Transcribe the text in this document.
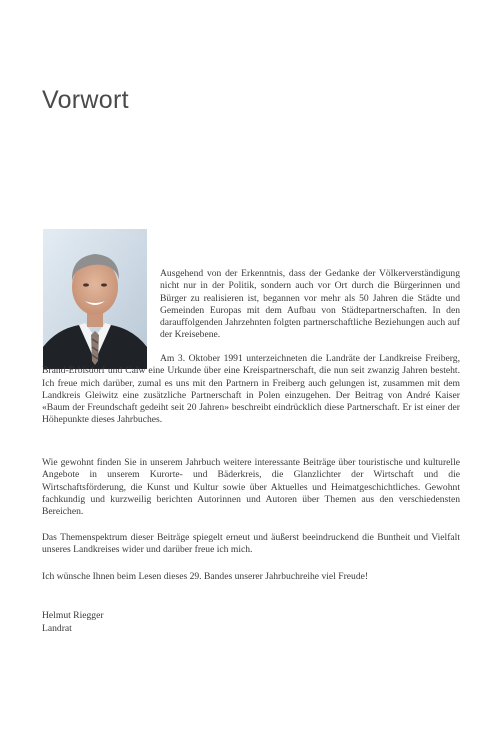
Vorwort

Ausgehend von der Erkenntnis, dass der Gedanke der Völkerverständigung nicht nur in der Politik, sondern auch vor Ort durch die Bürgerinnen und Bürger zu realisieren ist, begannen vor mehr als 50 Jahren die Städte und Gemeinden Europas mit dem Aufbau von Städtepartnerschaften. In den darauffolgenden Jahrzehnten folgten partnerschaftliche Beziehungen auch auf der Kreisebene.

Am 3. Oktober 1991 unterzeichneten die Landräte der Landkreise Freiberg, Brand-Erbisdorf und Calw eine Urkunde über eine Kreispartnerschaft, die nun seit zwanzig Jahren besteht. Ich freue mich darüber, zumal es uns mit den Partnern in Freiberg auch gelungen ist, zusammen mit dem Landkreis Gleiwitz eine zusätzliche Partnerschaft in Polen einzugehen. Der Beitrag von André Kaiser «Baum der Freundschaft gedeiht seit 20 Jahren» beschreibt eindrücklich diese Partnerschaft. Er ist einer der Höhepunkte dieses Jahrbuches.

Wie gewohnt finden Sie in unserem Jahrbuch weitere interessante Beiträge über touristische und kulturelle Angebote in unserem Kurorte- und Bäderkreis, die Glanzlichter der Wirtschaft und die Wirtschaftsförderung, die Kunst und Kultur sowie über Aktuelles und Heimatgeschichtliches. Gewohnt fachkundig und kurzweilig berichten Autorinnen und Autoren über Themen aus den verschiedensten Bereichen.

Das Themenspektrum dieser Beiträge spiegelt erneut und äußerst beeindruckend die Buntheit und Vielfalt unseres Landkreises wider und darüber freue ich mich.

Ich wünsche Ihnen beim Lesen dieses 29. Bandes unserer Jahrbuchreihe viel Freude!

Helmut Riegger
Landrat
